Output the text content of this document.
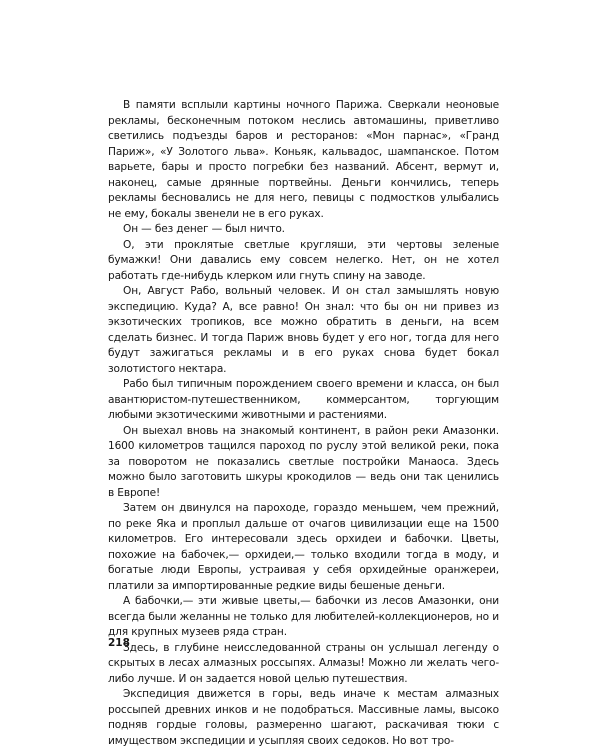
В памяти всплыли картины ночного Парижа. Сверкали неоновые рекламы, бесконечным потоком неслись автомашины, приветливо светились подъезды баров и ресторанов: «Мон парнас», «Гранд Париж», «У Золотого льва». Коньяк, кальвадос, шампанское. Потом варьете, бары и просто погребки без названий. Абсент, вермут и, наконец, самые дрянные портвейны. Деньги кончились, теперь рекламы бесновались не для него, певицы с подмостков улыбались не ему, бокалы звенели не в его руках.

Он — без денег — был ничто.

О, эти проклятые светлые кругляши, эти чертовы зеленые бумажки! Они давались ему совсем нелегко. Нет, он не хотел работать где-нибудь клерком или гнуть спину на заводе.

Он, Август Рабо, вольный человек. И он стал замышлять новую экспедицию. Куда? А, все равно! Он знал: что бы он ни привез из экзотических тропиков, все можно обратить в деньги, на всем сделать бизнес. И тогда Париж вновь будет у его ног, тогда для него будут зажигаться рекламы и в его руках снова будет бокал золотистого нектара.

Рабо был типичным порождением своего времени и класса, он был авантюристом-путешественником, коммерсантом, торгующим любыми экзотическими животными и растениями.

Он выехал вновь на знакомый континент, в район реки Амазонки. 1600 километров тащился пароход по руслу этой великой реки, пока за поворотом не показались светлые постройки Манаоса. Здесь можно было заготовить шкуры крокодилов — ведь они так ценились в Европе!

Затем он двинулся на пароходе, гораздо меньшем, чем прежний, по реке Яка и проплыл дальше от очагов цивилизации еще на 1500 километров. Его интересовали здесь орхидеи и бабочки. Цветы, похожие на бабочек,— орхидеи,— только входили тогда в моду, и богатые люди Европы, устраивая у себя орхидейные оранжереи, платили за импортированные редкие виды бешеные деньги.

А бабочки,— эти живые цветы,— бабочки из лесов Амазонки, они всегда были желанны не только для любителей-коллекционеров, но и для крупных музеев ряда стран.

Здесь, в глубине неисследованной страны он услышал легенду о скрытых в лесах алмазных россыпях. Алмазы! Можно ли желать чего-либо лучше. И он задается новой целью путешествия.

Экспедиция движется в горы, ведь иначе к местам алмазных россыпей древних инков и не подобраться. Массивные ламы, высоко подняв гордые головы, размеренно шагают, раскачивая тюки с имуществом экспедиции и усыпляя своих седоков. Но вот тро-

218
